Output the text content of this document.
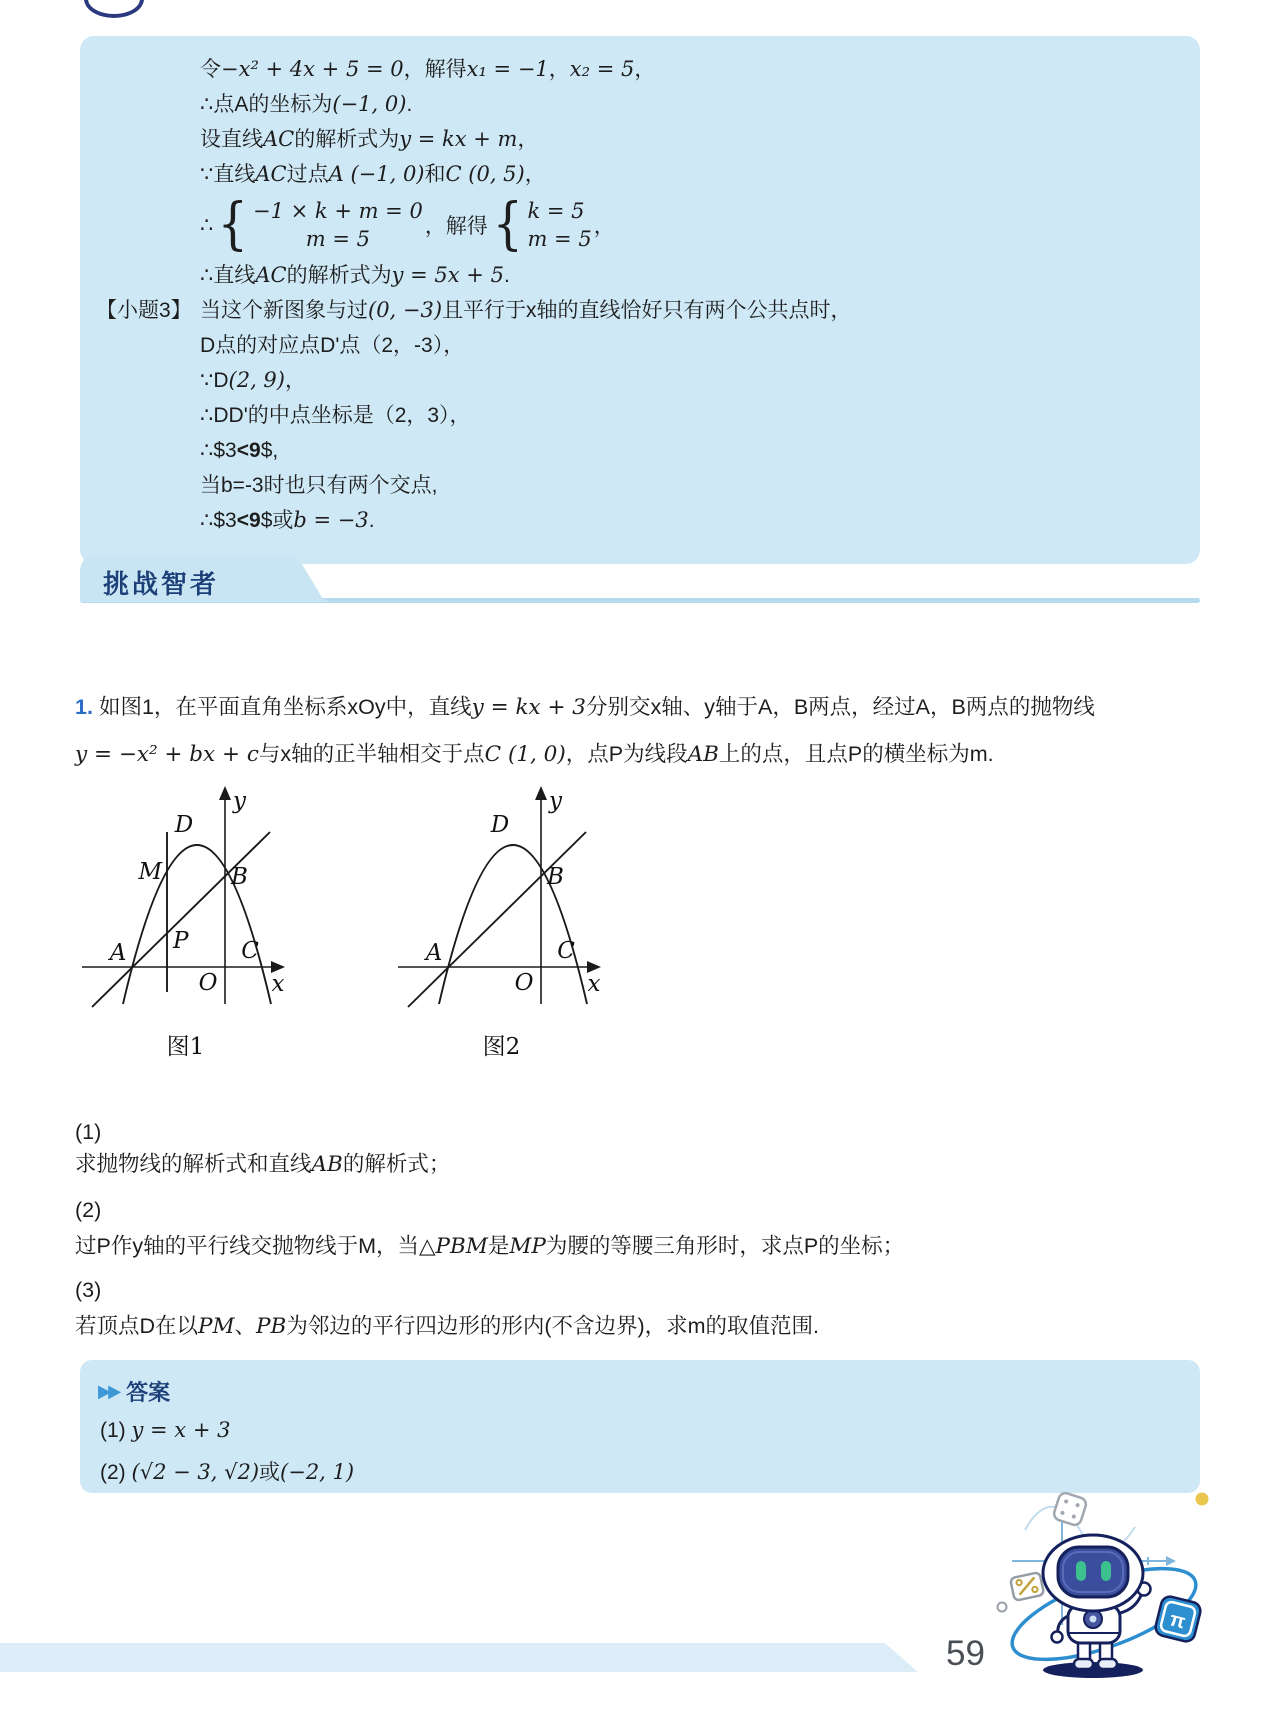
令−x² + 4x + 5 = 0，解得x₁ = −1，x₂ = 5，
∴点A的坐标为(−1, 0).
设直线AC的解析式为y = kx + m，
∵直线AC过点A (−1, 0)和C (0, 5)，
∴ { −1 × k + m = 0
m = 5
，解得 { k = 5
m = 5
，
∴直线AC的解析式为y = 5x + 5.
【小题3】 当这个新图象与过(0, −3)且平行于x轴的直线恰好只有两个公共点时，
D点的对应点D'点（2，-3），
∵D(2, 9)，
∴DD'的中点坐标是（2，3），
∴$3<9$,
当b=-3时也只有两个交点,
∴$3<9$或b = −3.
挑战智者
1. 如图1，在平面直角坐标系xOy中，直线y = kx + 3分别交x轴、y轴于A，B两点，经过A，B两点的抛物线
y = −x² + bx + c与x轴的正半轴相交于点C (1, 0)，点P为线段AB上的点，且点P的横坐标为m.
D
M	B
A P C
O x
y
图1
D
B
A	C
O x
y
图2
(1)
求抛物线的解析式和直线AB的解析式；
(2)
过P作y轴的平行线交抛物线于M，当△PBM是MP为腰的等腰三角形时，求点P的坐标；
(3)
若顶点D在以PM、PB为邻边的平行四边形的形内(不含边界)，求m的取值范围.
▶▶ 答案
(1) y = x + 3
(2) (√2 − 3, √2)或(−2, 1)
59
π
